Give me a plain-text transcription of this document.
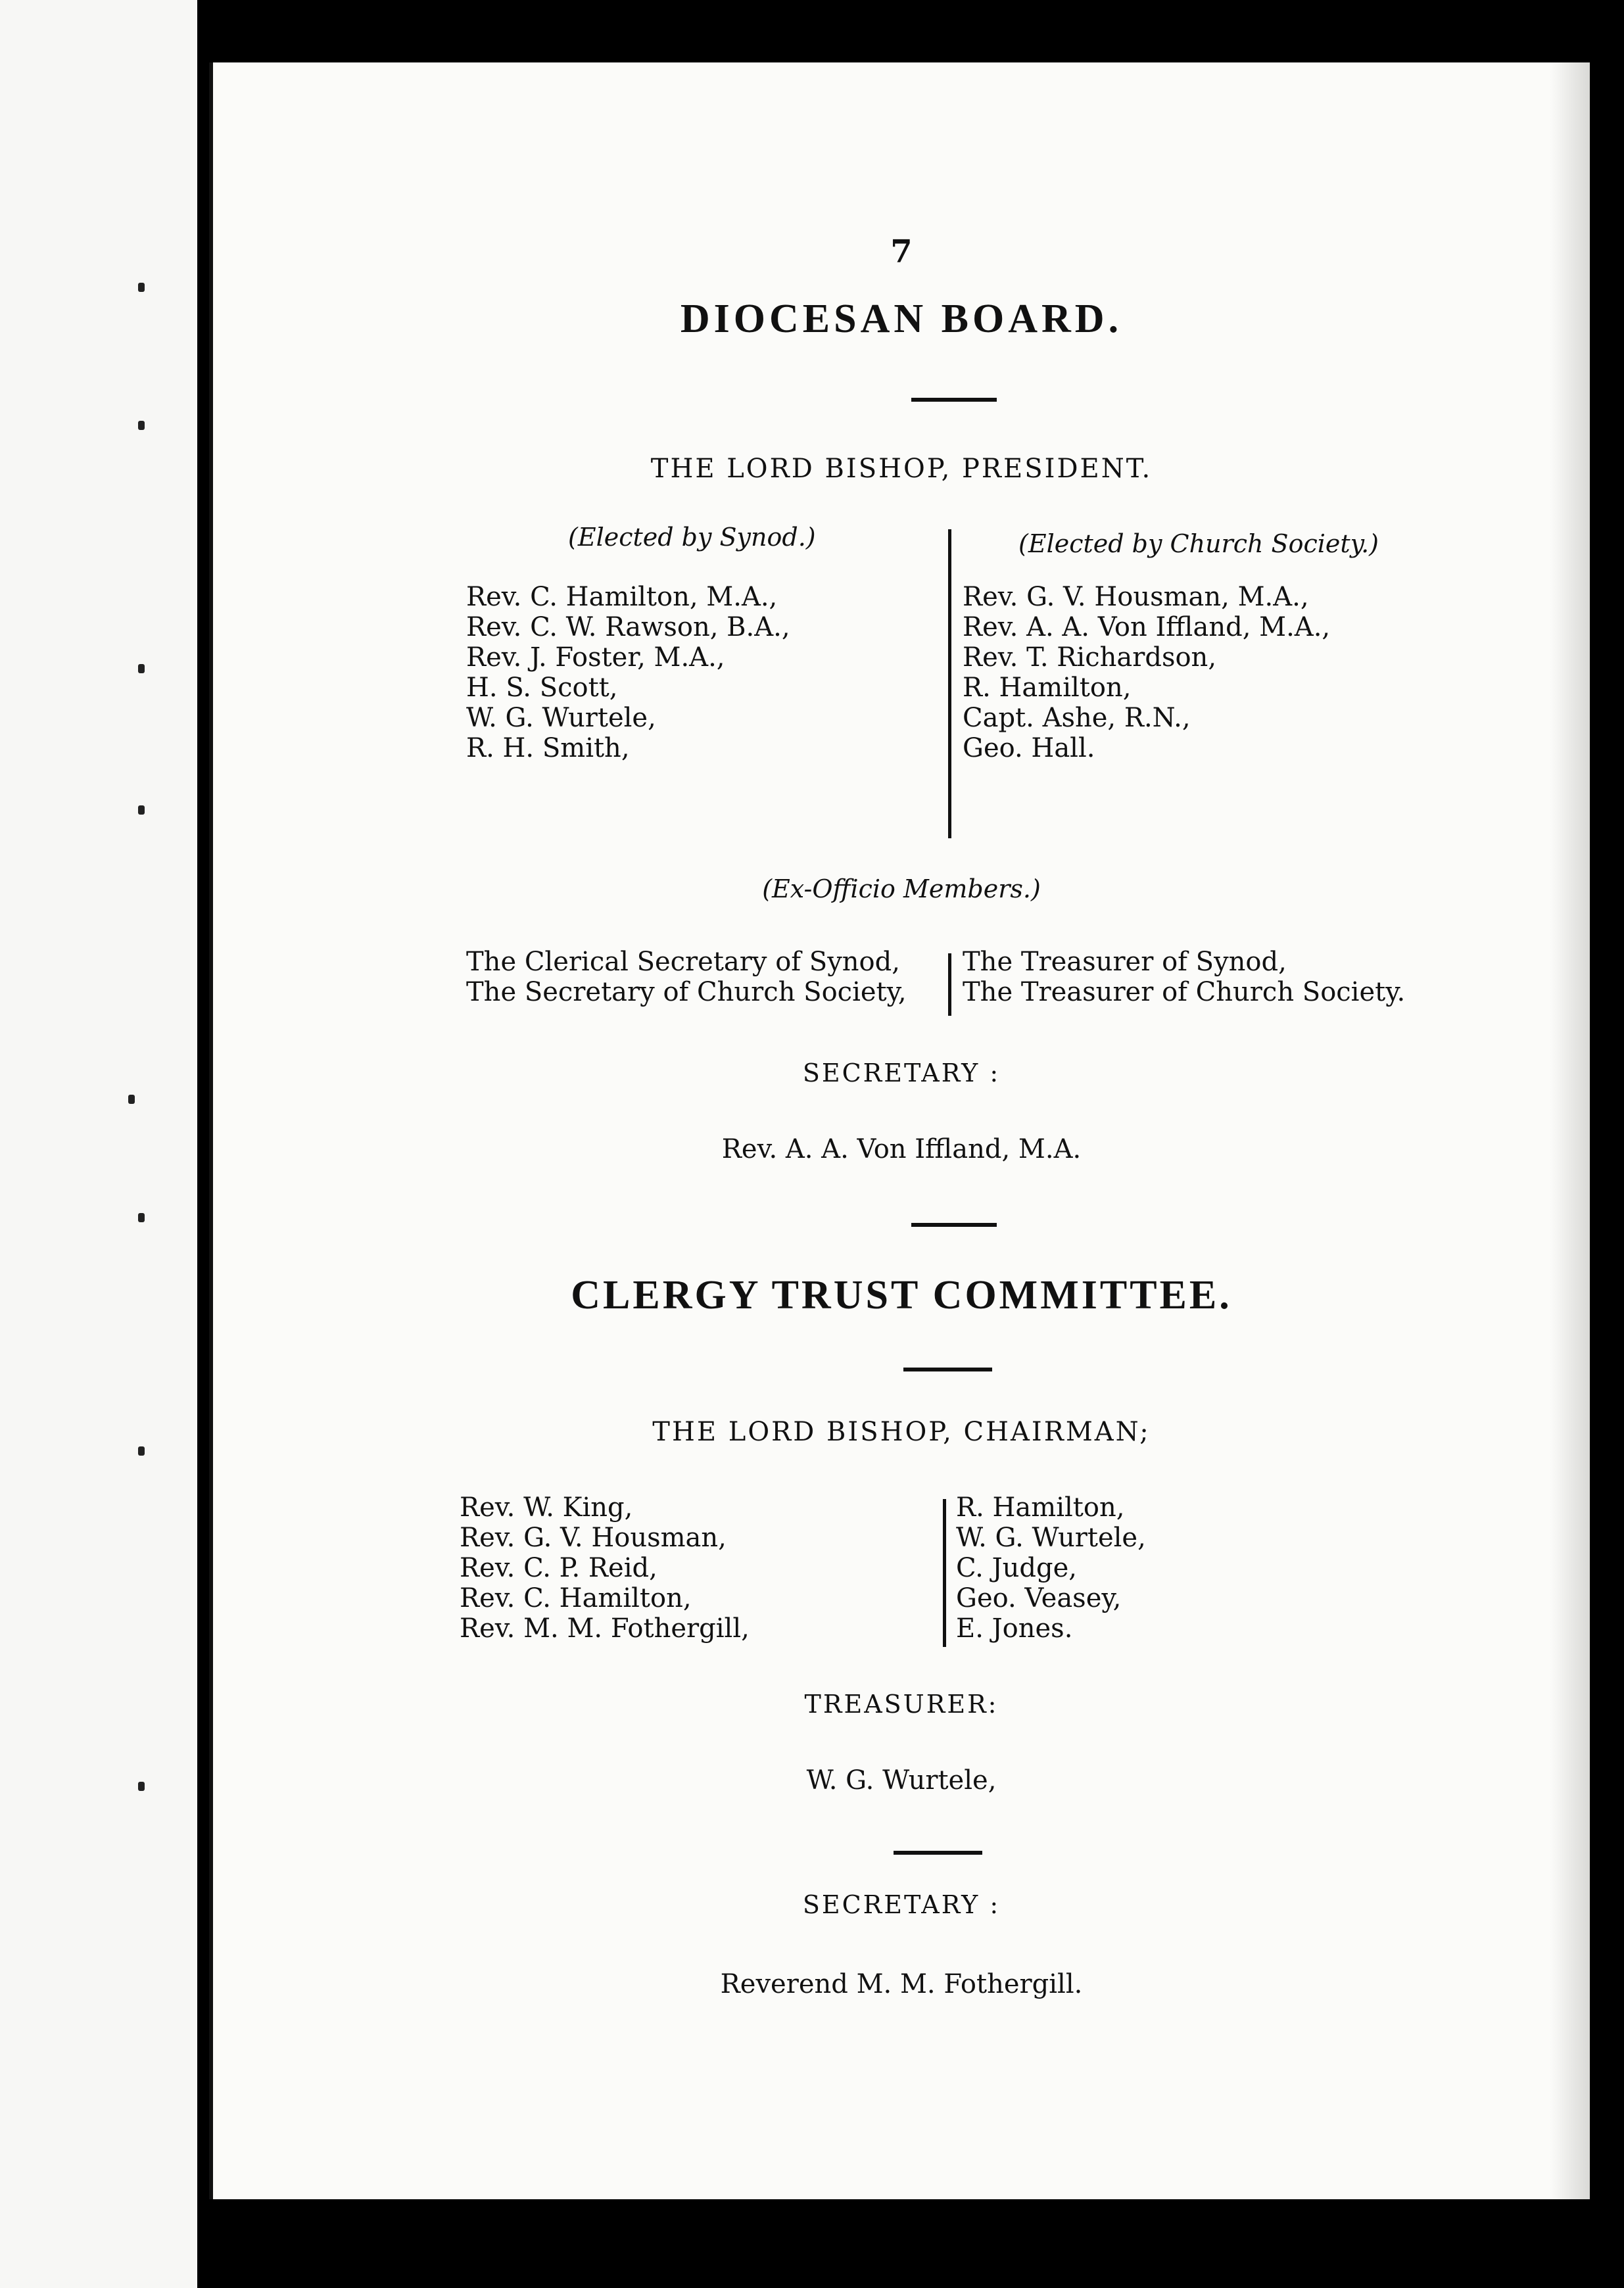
7
DIOCESAN BOARD.
THE LORD BISHOP, PRESIDENT.
(Elected by Synod.)	(Elected by Church Society.)
Rev. C. Hamilton, M.A.,
Rev. C. W. Rawson, B.A.,
Rev. J. Foster, M.A.,
H. S. Scott,
W. G. Wurtele,
R. H. Smith,
Rev. G. V. Housman, M.A.,
Rev. A. A. Von Iffland, M.A.,
Rev. T. Richardson,
R. Hamilton,
Capt. Ashe, R.N.,
Geo. Hall.
(Ex-Officio Members.)
The Clerical Secretary of Synod,
The Secretary of Church Society,
The Treasurer of Synod,
The Treasurer of Church Society.
SECRETARY :
Rev. A. A. Von Iffland, M.A.
CLERGY TRUST COMMITTEE.
THE LORD BISHOP, CHAIRMAN;
Rev. W. King,
Rev. G. V. Housman,
Rev. C. P. Reid,
Rev. C. Hamilton,
Rev. M. M. Fothergill,
R. Hamilton,
W. G. Wurtele,
C. Judge,
Geo. Veasey,
E. Jones.
TREASURER:
W. G. Wurtele,
SECRETARY :
Reverend M. M. Fothergill.
